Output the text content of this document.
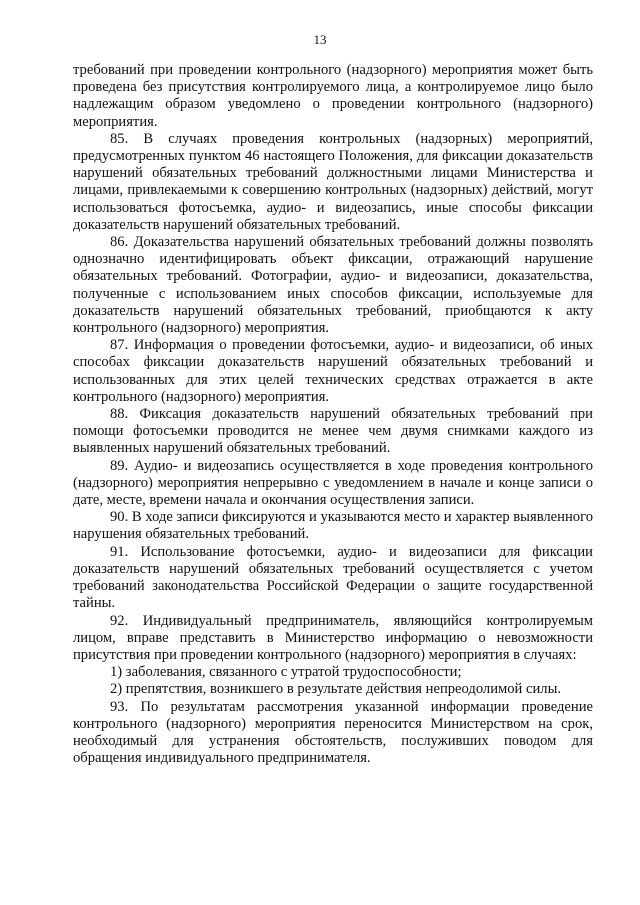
13

требований при проведении контрольного (надзорного) мероприятия может быть проведена без присутствия контролируемого лица, а контролируемое лицо было надлежащим образом уведомлено о проведении контрольного (надзорного) мероприятия.

85. В случаях проведения контрольных (надзорных) мероприятий, предусмотренных пунктом 46 настоящего Положения, для фиксации доказательств нарушений обязательных требований должностными лицами Министерства и лицами, привлекаемыми к совершению контрольных (надзорных) действий, могут использоваться фотосъемка, аудио- и видеозапись, иные способы фиксации доказательств нарушений обязательных требований.

86. Доказательства нарушений обязательных требований должны позволять однозначно идентифицировать объект фиксации, отражающий нарушение обязательных требований. Фотографии, аудио- и видеозаписи, доказательства, полученные с использованием иных способов фиксации, используемые для доказательств нарушений обязательных требований, приобщаются к акту контрольного (надзорного) мероприятия.

87. Информация о проведении фотосъемки, аудио- и видеозаписи, об иных способах фиксации доказательств нарушений обязательных требований и использованных для этих целей технических средствах отражается в акте контрольного (надзорного) мероприятия.

88. Фиксация доказательств нарушений обязательных требований при помощи фотосъемки проводится не менее чем двумя снимками каждого из выявленных нарушений обязательных требований.

89. Аудио- и видеозапись осуществляется в ходе проведения контрольного (надзорного) мероприятия непрерывно с уведомлением в начале и конце записи о дате, месте, времени начала и окончания осуществления записи.

90. В ходе записи фиксируются и указываются место и характер выявленного нарушения обязательных требований.

91. Использование фотосъемки, аудио- и видеозаписи для фиксации доказательств нарушений обязательных требований осуществляется с учетом требований законодательства Российской Федерации о защите государственной тайны.

92. Индивидуальный предприниматель, являющийся контролируемым лицом, вправе представить в Министерство информацию о невозможности присутствия при проведении контрольного (надзорного) мероприятия в случаях:

1) заболевания, связанного с утратой трудоспособности;

2) препятствия, возникшего в результате действия непреодолимой силы.

93. По результатам рассмотрения указанной информации проведение контрольного (надзорного) мероприятия переносится Министерством на срок, необходимый для устранения обстоятельств, послуживших поводом для обращения индивидуального предпринимателя.
